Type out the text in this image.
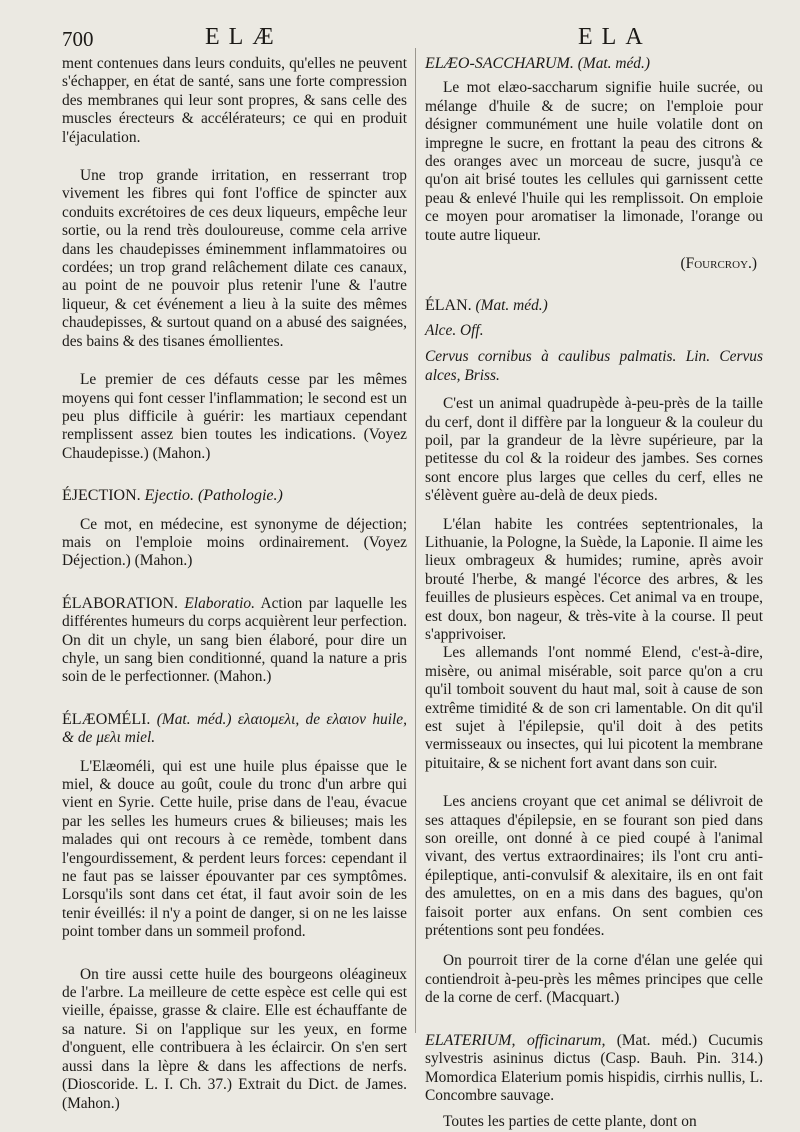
700	ELÆ	ELA

ment contenues dans leurs conduits, qu'elles ne peuvent s'échapper, en état de santé, sans une forte compression des membranes qui leur sont propres, & sans celle des muscles érecteurs & accélérateurs; ce qui en produit l'éjaculation.

Une trop grande irritation, en resserrant trop vivement les fibres qui font l'office de spincter aux conduits excrétoires de ces deux liqueurs, empêche leur sortie, ou la rend très douloureuse, comme cela arrive dans les chaudepisses éminemment inflammatoires ou cordées; un trop grand relâchement dilate ces canaux, au point de ne pouvoir plus retenir l'une & l'autre liqueur, & cet événement a lieu à la suite des mêmes chaudepisses, & surtout quand on a abusé des saignées, des bains & des tisanes émollientes.

Le premier de ces défauts cesse par les mêmes moyens qui font cesser l'inflammation; le second est un peu plus difficile à guérir: les martiaux cependant remplissent assez bien toutes les indications. (Voyez Chaudepisse.) (Mahon.)

ÉJECTION. Ejectio. (Pathologie.)

Ce mot, en médecine, est synonyme de déjection; mais on l'emploie moins ordinairement. (Voyez Déjection.) (Mahon.)

ÉLABORATION. Elaboratio. Action par laquelle les différentes humeurs du corps acquièrent leur perfection. On dit un chyle, un sang bien élaboré, pour dire un chyle, un sang bien conditionné, quand la nature a pris soin de le perfectionner. (Mahon.)

ÉLÆOMÉLI. (Mat. méd.) ελαιομελι, de ελαιον huile, & de μελι miel.

L'Elæoméli, qui est une huile plus épaisse que le miel, & douce au goût, coule du tronc d'un arbre qui vient en Syrie. Cette huile, prise dans de l'eau, évacue par les selles les humeurs crues & bilieuses; mais les malades qui ont recours à ce remède, tombent dans l'engourdissement, & perdent leurs forces: cependant il ne faut pas se laisser épouvanter par ces symptômes. Lorsqu'ils sont dans cet état, il faut avoir soin de les tenir éveillés: il n'y a point de danger, si on ne les laisse point tomber dans un sommeil profond.

On tire aussi cette huile des bourgeons oléagineux de l'arbre. La meilleure de cette espèce est celle qui est vieille, épaisse, grasse & claire. Elle est échauffante de sa nature. Si on l'applique sur les yeux, en forme d'onguent, elle contribuera à les éclaircir. On s'en sert aussi dans la lèpre & dans les affections de nerfs. (Dioscoride. L. I. Ch. 37.) Extrait du Dict. de James. (Mahon.)

ELÆO-SACCHARUM. (Mat. méd.)

Le mot elæo-saccharum signifie huile sucrée, ou mélange d'huile & de sucre; on l'emploie pour désigner communément une huile volatile dont on impregne le sucre, en frottant la peau des citrons & des oranges avec un morceau de sucre, jusqu'à ce qu'on ait brisé toutes les cellules qui garnissent cette peau & enlevé l'huile qui les remplissoit. On emploie ce moyen pour aromatiser la limonade, l'orange ou toute autre liqueur.

(Fourcroy.)

ÉLAN. (Mat. méd.)

Alce. Off.

Cervus cornibus à caulibus palmatis. Lin. Cervus alces, Briss.

C'est un animal quadrupède à-peu-près de la taille du cerf, dont il diffère par la longueur & la couleur du poil, par la grandeur de la lèvre supérieure, par la petitesse du col & la roideur des jambes. Ses cornes sont encore plus larges que celles du cerf, elles ne s'élèvent guère au-delà de deux pieds.

L'élan habite les contrées septentrionales, la Lithuanie, la Pologne, la Suède, la Laponie. Il aime les lieux ombrageux & humides; rumine, après avoir brouté l'herbe, & mangé l'écorce des arbres, & les feuilles de plusieurs espèces. Cet animal va en troupe, est doux, bon nageur, & très-vite à la course. Il peut s'apprivoiser.

Les allemands l'ont nommé Elend, c'est-à-dire, misère, ou animal misérable, soit parce qu'on a cru qu'il tomboit souvent du haut mal, soit à cause de son extrême timidité & de son cri lamentable. On dit qu'il est sujet à l'épilepsie, qu'il doit à des petits vermisseaux ou insectes, qui lui picotent la membrane pituitaire, & se nichent fort avant dans son cuir.

Les anciens croyant que cet animal se délivroit de ses attaques d'épilepsie, en se fourant son pied dans son oreille, ont donné à ce pied coupé à l'animal vivant, des vertus extraordinaires; ils l'ont cru anti-épileptique, anti-convulsif & alexitaire, ils en ont fait des amulettes, on en a mis dans des bagues, qu'on faisoit porter aux enfans. On sent combien ces prétentions sont peu fondées.

On pourroit tirer de la corne d'élan une gelée qui contiendroit à-peu-près les mêmes principes que celle de la corne de cerf. (Macquart.)

ELATERIUM, officinarum, (Mat. méd.) Cucumis sylvestris asininus dictus (Casp. Bauh. Pin. 314.) Momordica Elaterium pomis hispidis, cirrhis nullis, L. Concombre sauvage.

Toutes les parties de cette plante, dont on
